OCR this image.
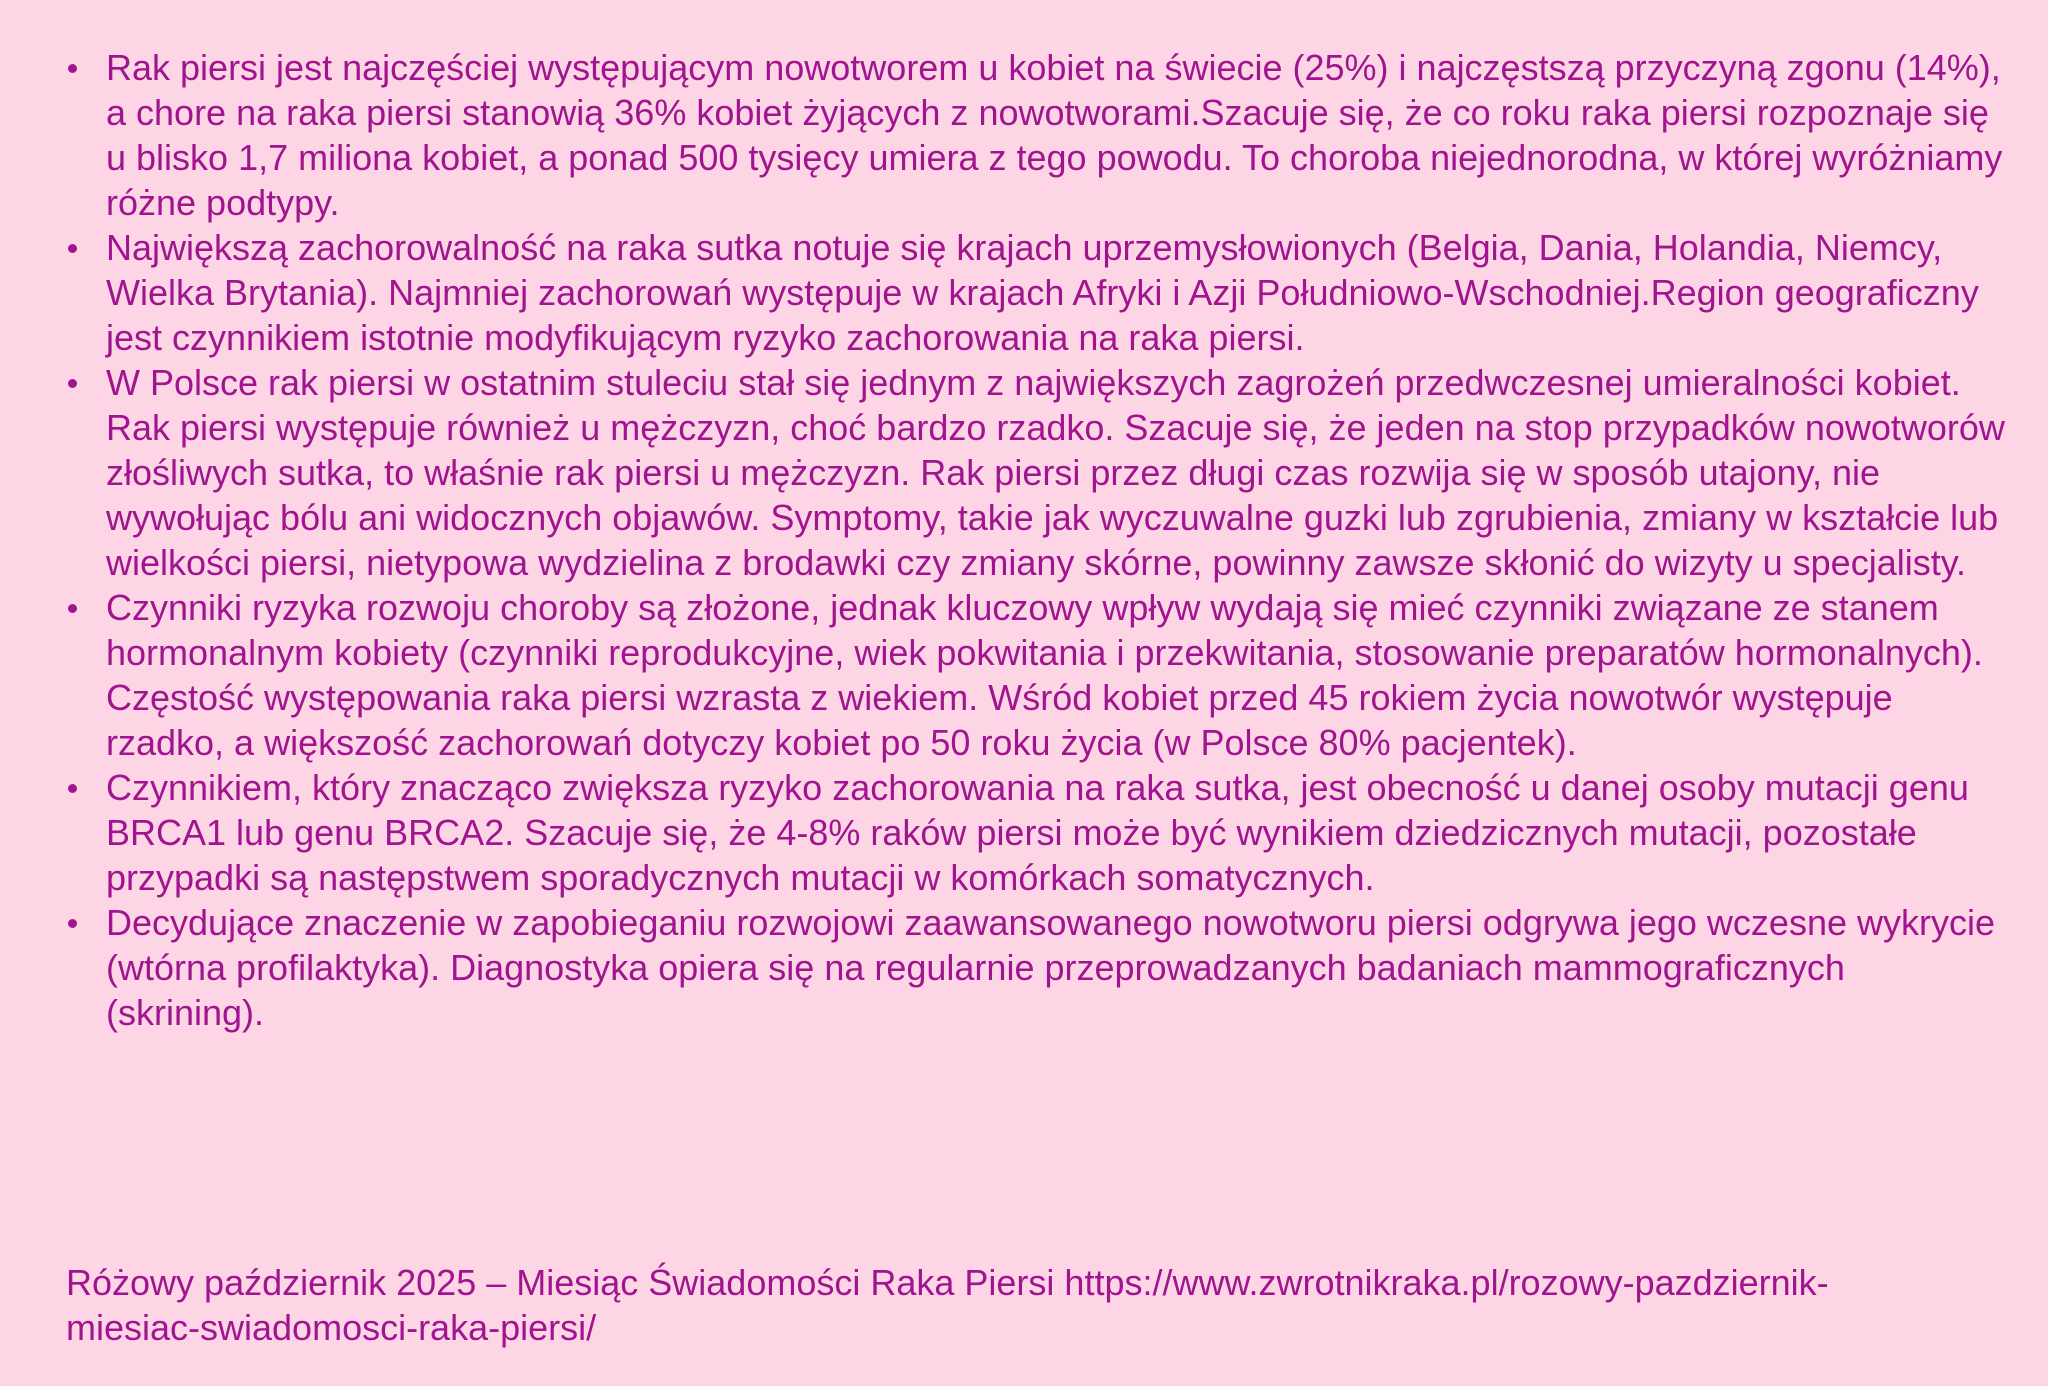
Rak piersi jest najczęściej występującym nowotworem u kobiet na świecie (25%) i najczęstszą przyczyną zgonu (14%), a chore na raka piersi stanowią 36% kobiet żyjących z nowotworami.Szacuje się, że co roku raka piersi rozpoznaje się u blisko 1,7 miliona kobiet, a ponad 500 tysięcy umiera z tego powodu. To choroba niejednorodna, w której wyróżniamy różne podtypy.
Największą zachorowalność na raka sutka notuje się krajach uprzemysłowionych (Belgia, Dania, Holandia, Niemcy, Wielka Brytania). Najmniej zachorowań występuje w krajach Afryki i Azji Południowo-Wschodniej.Region geograficzny jest czynnikiem istotnie modyfikującym ryzyko zachorowania na raka piersi.
W Polsce rak piersi w ostatnim stuleciu stał się jednym z największych zagrożeń przedwczesnej umieralności kobiet. Rak piersi występuje również u mężczyzn, choć bardzo rzadko. Szacuje się, że jeden na stop przypadków nowotworów złośliwych sutka, to właśnie rak piersi u mężczyzn. Rak piersi przez długi czas rozwija się w sposób utajony, nie wywołując bólu ani widocznych objawów. Symptomy, takie jak wyczuwalne guzki lub zgrubienia, zmiany w kształcie lub wielkości piersi, nietypowa wydzielina z brodawki czy zmiany skórne, powinny zawsze skłonić do wizyty u specjalisty.
Czynniki ryzyka rozwoju choroby są złożone, jednak kluczowy wpływ wydają się mieć czynniki związane ze stanem hormonalnym kobiety (czynniki reprodukcyjne, wiek pokwitania i przekwitania, stosowanie preparatów hormonalnych). Częstość występowania raka piersi wzrasta z wiekiem. Wśród kobiet przed 45 rokiem życia nowotwór występuje rzadko, a większość zachorowań dotyczy kobiet po 50 roku życia (w Polsce 80% pacjentek).
Czynnikiem, który znacząco zwiększa ryzyko zachorowania na raka sutka, jest obecność u danej osoby mutacji genu BRCA1 lub genu BRCA2. Szacuje się, że 4-8% raków piersi może być wynikiem dziedzicznych mutacji, pozostałe przypadki są następstwem sporadycznych mutacji w komórkach somatycznych.
Decydujące znaczenie w zapobieganiu rozwojowi zaawansowanego nowotworu piersi odgrywa jego wczesne wykrycie (wtórna profilaktyka). Diagnostyka opiera się na regularnie przeprowadzanych badaniach mammograficznych (skrining).

Różowy październik 2025 – Miesiąc Świadomości Raka Piersi https://www.zwrotnikraka.pl/rozowy-pazdziernik-miesiac-swiadomosci-raka-piersi/
